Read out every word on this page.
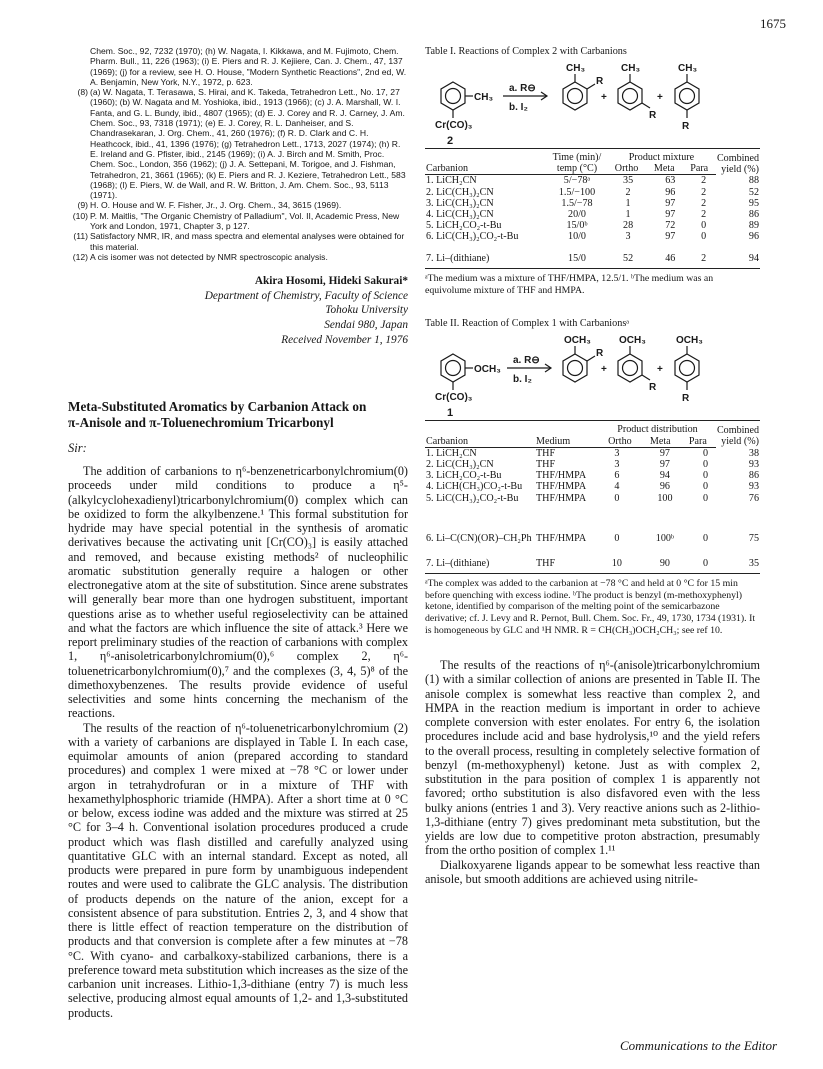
1675
Chem. Soc., 92, 7232 (1970); (h) W. Nagata, I. Kikkawa, and M. Fujimoto, Chem. Pharm. Bull., 11, 226 (1963); (i) E. Piers and R. J. Kejiiere, Can. J. Chem., 47, 137 (1969); (j) for a review, see H. O. House, "Modern Synthetic Reactions", 2nd ed, W. A. Benjamin, New York, N.Y., 1972, p. 623.
(8) (a) W. Nagata, T. Terasawa, S. Hirai, and K. Takeda, Tetrahedron Lett., No. 17, 27 (1960); (b) W. Nagata and M. Yoshioka, ibid., 1913 (1966); (c) J. A. Marshall, W. I. Fanta, and G. L. Bundy, ibid., 4807 (1965); (d) E. J. Corey and R. J. Carney, J. Am. Chem. Soc., 93, 7318 (1971); (e) E. J. Corey, R. L. Danheiser, and S. Chandrasekaran, J. Org. Chem., 41, 260 (1976); (f) R. D. Clark and C. H. Heathcock, ibid., 41, 1396 (1976); (g) Tetrahedron Lett., 1713, 2027 (1974); (h) R. E. Ireland and G. Pfister, ibid., 2145 (1969); (i) A. J. Birch and M. Smith, Proc. Chem. Soc., London, 356 (1962); (j) J. A. Settepani, M. Torigoe, and J. Fishman, Tetrahedron, 21, 3661 (1965); (k) E. Piers and R. J. Keziere, Tetrahedron Lett., 583 (1968); (l) E. Piers, W. de Wall, and R. W. Britton, J. Am. Chem. Soc., 93, 5113 (1971).
(9) H. O. House and W. F. Fisher, Jr., J. Org. Chem., 34, 3615 (1969).
(10) P. M. Maitlis, "The Organic Chemistry of Palladium", Vol. II, Academic Press, New York and London, 1971, Chapter 3, p 127.
(11) Satisfactory NMR, IR, and mass spectra and elemental analyses were obtained for this material.
(12) A cis isomer was not detected by NMR spectroscopic analysis.
Akira Hosomi, Hideki Sakurai*
Department of Chemistry, Faculty of Science
Tohoku University
Sendai 980, Japan
Received November 1, 1976
Meta-Substituted Aromatics by Carbanion Attack on
π-Anisole and π-Toluenechromium Tricarbonyl
Sir:

The addition of carbanions to η⁶-benzenetricarbonylchromium(0) proceeds under mild conditions to produce a η⁵-(alkylcyclohexadienyl)tricarbonylchromium(0) complex which can be oxidized to form the alkylbenzene.¹ This formal substitution for hydride may have special potential in the synthesis of aromatic derivatives because the activating unit [Cr(CO)₃] is easily attached and removed, and because existing methods² of nucleophilic aromatic substitution generally require a halogen or other electronegative atom at the site of substitution. Since arene substrates will generally bear more than one hydrogen substituent, important questions arise as to whether useful regioselectivity can be attained and what the factors are which influence the site of attack.³ Here we report preliminary studies of the reaction of carbanions with complex 1, η⁶-anisoletricarbonylchromium(0),⁶ complex 2, η⁶-toluenetricarbonylchromium(0),⁷ and the complexes (3, 4, 5)⁸ of the dimethoxybenzenes. The results provide evidence of useful selectivities and some hints concerning the mechanism of the reactions.

The results of the reaction of η⁶-toluenetricarbonylchromium (2) with a variety of carbanions are displayed in Table I. In each case, equimolar amounts of anion (prepared according to standard procedures) and complex 1 were mixed at −78 °C or lower under argon in tetrahydrofuran or in a mixture of THF with hexamethylphosphoric triamide (HMPA). After a short time at 0 °C or below, excess iodine was added and the mixture was stirred at 25 °C for 3–4 h. Conventional isolation procedures produced a crude product which was flash distilled and carefully analyzed using quantitative GLC with an internal standard. Except as noted, all products were prepared in pure form by unambiguous independent routes and were used to calibrate the GLC analysis. The distribution of products depends on the nature of the anion, except for a consistent absence of para substitution. Entries 2, 3, and 4 show that there is little effect of reaction temperature on the distribution of products and that conversion is complete after a few minutes at −78 °C. With cyano- and carbalkoxy-stabilized carbanions, there is a preference toward meta substitution which increases as the size of the carbanion unit increases. Lithio-1,3-dithiane (entry 7) is much less selective, producing almost equal amounts of 1,2- and 1,3-substituted products.

Table I. Reactions of Complex 2 with Carbanions
CH₃
Cr(CO)₃
2
a. R⊖
b. I₂
CH₃
R
+
CH₃
R
+
CH₃
R
					Combined yield (%)
Carbanion	Time (min)/ temp (°C)	Product mixture
Ortho Meta Para			

1. LiCH₂CN	5/−78ᵃ	35	63	2	88
2. LiC(CH₃)₂CN	1.5/−100	2	96	2	52
3. LiC(CH₃)₂CN	1.5/−78	1	97	2	95
4. LiC(CH₃)₂CN	20/0	1	97	2	86
5. LiCH₂CO₂-t-Bu	15/0ᵇ	28	72	0	89
6. LiC(CH₃)₂CO₂-t-Bu	10/0	3	97	0	96
7. Li–(dithiane)	15/0	52	46	2	94
ᵃThe medium was a mixture of THF/HMPA, 12.5/1. ᵇThe medium was an equivolume mixture of THF and HMPA.
Table II. Reaction of Complex 1 with Carbanionsᵃ
OCH₃
Cr(CO)₃
1
a. R⊖
b. I₂
OCH₃
R
+
OCH₃
R
+
OCH₃
R
					Combined yield (%)
Carbanion	Medium	Product distribution
Ortho Meta Para			

1. LiCH₂CN	THF	3	97	0	38
2. LiC(CH₃)₂CN	THF	3	97	0	93
3. LiCH₂CO₂-t-Bu	THF/HMPA	6	94	0	86
4. LiCH(CH₃)CO₂-t-Bu	THF/HMPA	4	96	0	93
5. LiC(CH₃)₂CO₂-t-Bu	THF/HMPA	0	100	0	76
6. Li–C(CN)(OR)–CH₂Ph	THF/HMPA	0	100ᵇ	0	75
7. Li–(dithiane)	THF	10	90	0	35
ᵃThe complex was added to the carbanion at −78 °C and held at 0 °C for 15 min before quenching with excess iodine. ᵇThe product is benzyl (m-methoxyphenyl) ketone, identified by comparison of the melting point of the semicarbazone derivative; cf. J. Levy and R. Pernot, Bull. Chem. Soc. Fr., 49, 1730, 1734 (1931). It is homogeneous by GLC and ¹H NMR. R = CH(CH₃)OCH₂CH₃; see ref 10.

The results of the reactions of η⁶-(anisole)tricarbonylchromium (1) with a similar collection of anions are presented in Table II. The anisole complex is somewhat less reactive than complex 2, and HMPA in the reaction medium is important in order to achieve complete conversion with ester enolates. For entry 6, the isolation procedures include acid and base hydrolysis,¹⁰ and the yield refers to the overall process, resulting in completely selective formation of benzyl (m-methoxyphenyl) ketone. Just as with complex 2, substitution in the para position of complex 1 is apparently not favored; ortho substitution is also disfavored even with the less bulky anions (entries 1 and 3). Very reactive anions such as 2-lithio-1,3-dithiane (entry 7) gives predominant meta substitution, but the yields are low due to competitive proton abstraction, presumably from the ortho position of complex 1.¹¹

Dialkoxyarene ligands appear to be somewhat less reactive than anisole, but smooth additions are achieved using nitrile-

Communications to the Editor
